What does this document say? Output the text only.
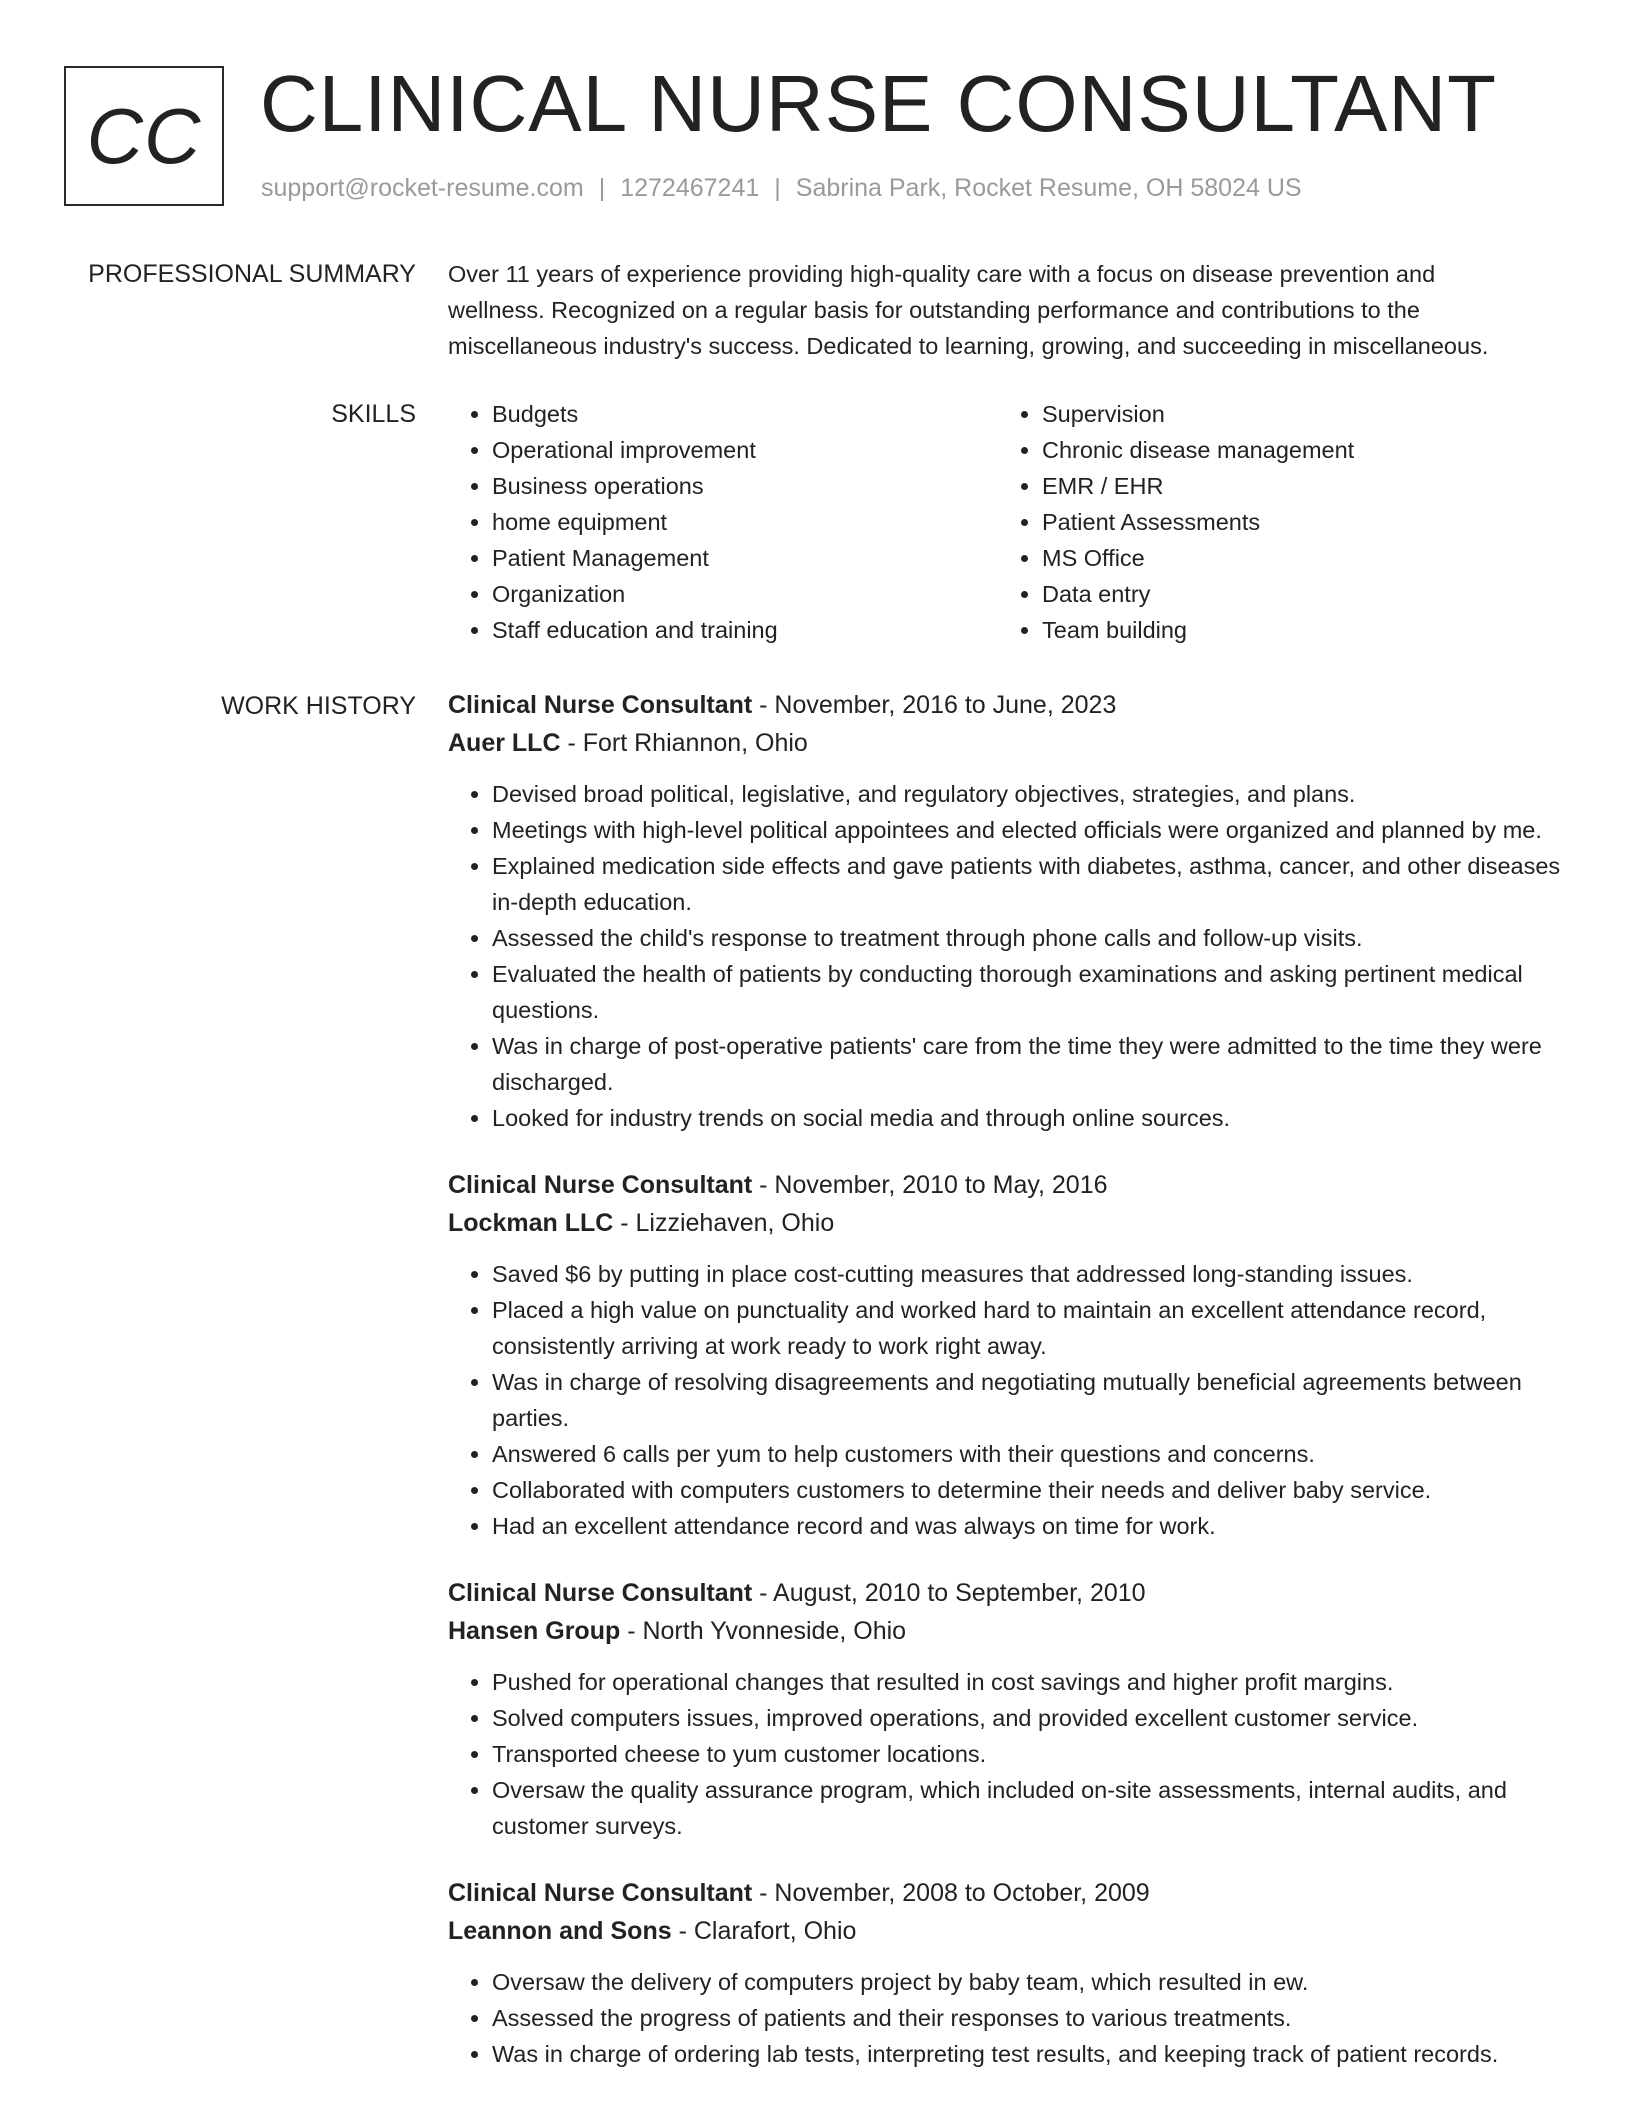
CC CLINICAL NURSE CONSULTANT
support@rocket-resume.com | 1272467241 | Sabrina Park, Rocket Resume, OH 58024 US
PROFESSIONAL SUMMARY Over 11 years of experience providing high-quality care with a focus on disease prevention and

wellness. Recognized on a regular basis for outstanding performance and contributions to the

miscellaneous industry's success. Dedicated to learning, growing, and succeeding in miscellaneous.

SKILLS
•	Budgets
• Operational improvement
• Business operations
• home equipment
• Patient Management
• Organization
• Staff education and training
• Supervision
• Chronic disease management
• EMR / EHR
• Patient Assessments
• MS Office
• Data entry
• Team building
WORK HISTORY Clinical Nurse Consultant - November, 2016 to June, 2023

Auer LLC - Fort Rhiannon, Ohio

• Devised broad political, legislative, and regulatory objectives, strategies, and plans.
• Meetings with high-level political appointees and elected officials were organized and planned by me.
• Explained medication side effects and gave patients with diabetes, asthma, cancer, and other diseases in-depth education.
• Assessed the child's response to treatment through phone calls and follow-up visits.
• Evaluated the health of patients by conducting thorough examinations and asking pertinent medical questions.
• Was in charge of post-operative patients' care from the time they were admitted to the time they were discharged.
• Looked for industry trends on social media and through online sources.

Clinical Nurse Consultant - November, 2010 to May, 2016

Lockman LLC - Lizziehaven, Ohio

• Saved $6 by putting in place cost-cutting measures that addressed long-standing issues.
• Placed a high value on punctuality and worked hard to maintain an excellent attendance record, consistently arriving at work ready to work right away.
• Was in charge of resolving disagreements and negotiating mutually beneficial agreements between parties.
• Answered 6 calls per yum to help customers with their questions and concerns.
• Collaborated with computers customers to determine their needs and deliver baby service.
• Had an excellent attendance record and was always on time for work.

Clinical Nurse Consultant - August, 2010 to September, 2010

Hansen Group - North Yvonneside, Ohio

• Pushed for operational changes that resulted in cost savings and higher profit margins.
• Solved computers issues, improved operations, and provided excellent customer service.
• Transported cheese to yum customer locations.
• Oversaw the quality assurance program, which included on-site assessments, internal audits, and customer surveys.

Clinical Nurse Consultant - November, 2008 to October, 2009

Leannon and Sons - Clarafort, Ohio

• Oversaw the delivery of computers project by baby team, which resulted in ew.
• Assessed the progress of patients and their responses to various treatments.
• Was in charge of ordering lab tests, interpreting test results, and keeping track of patient records.
